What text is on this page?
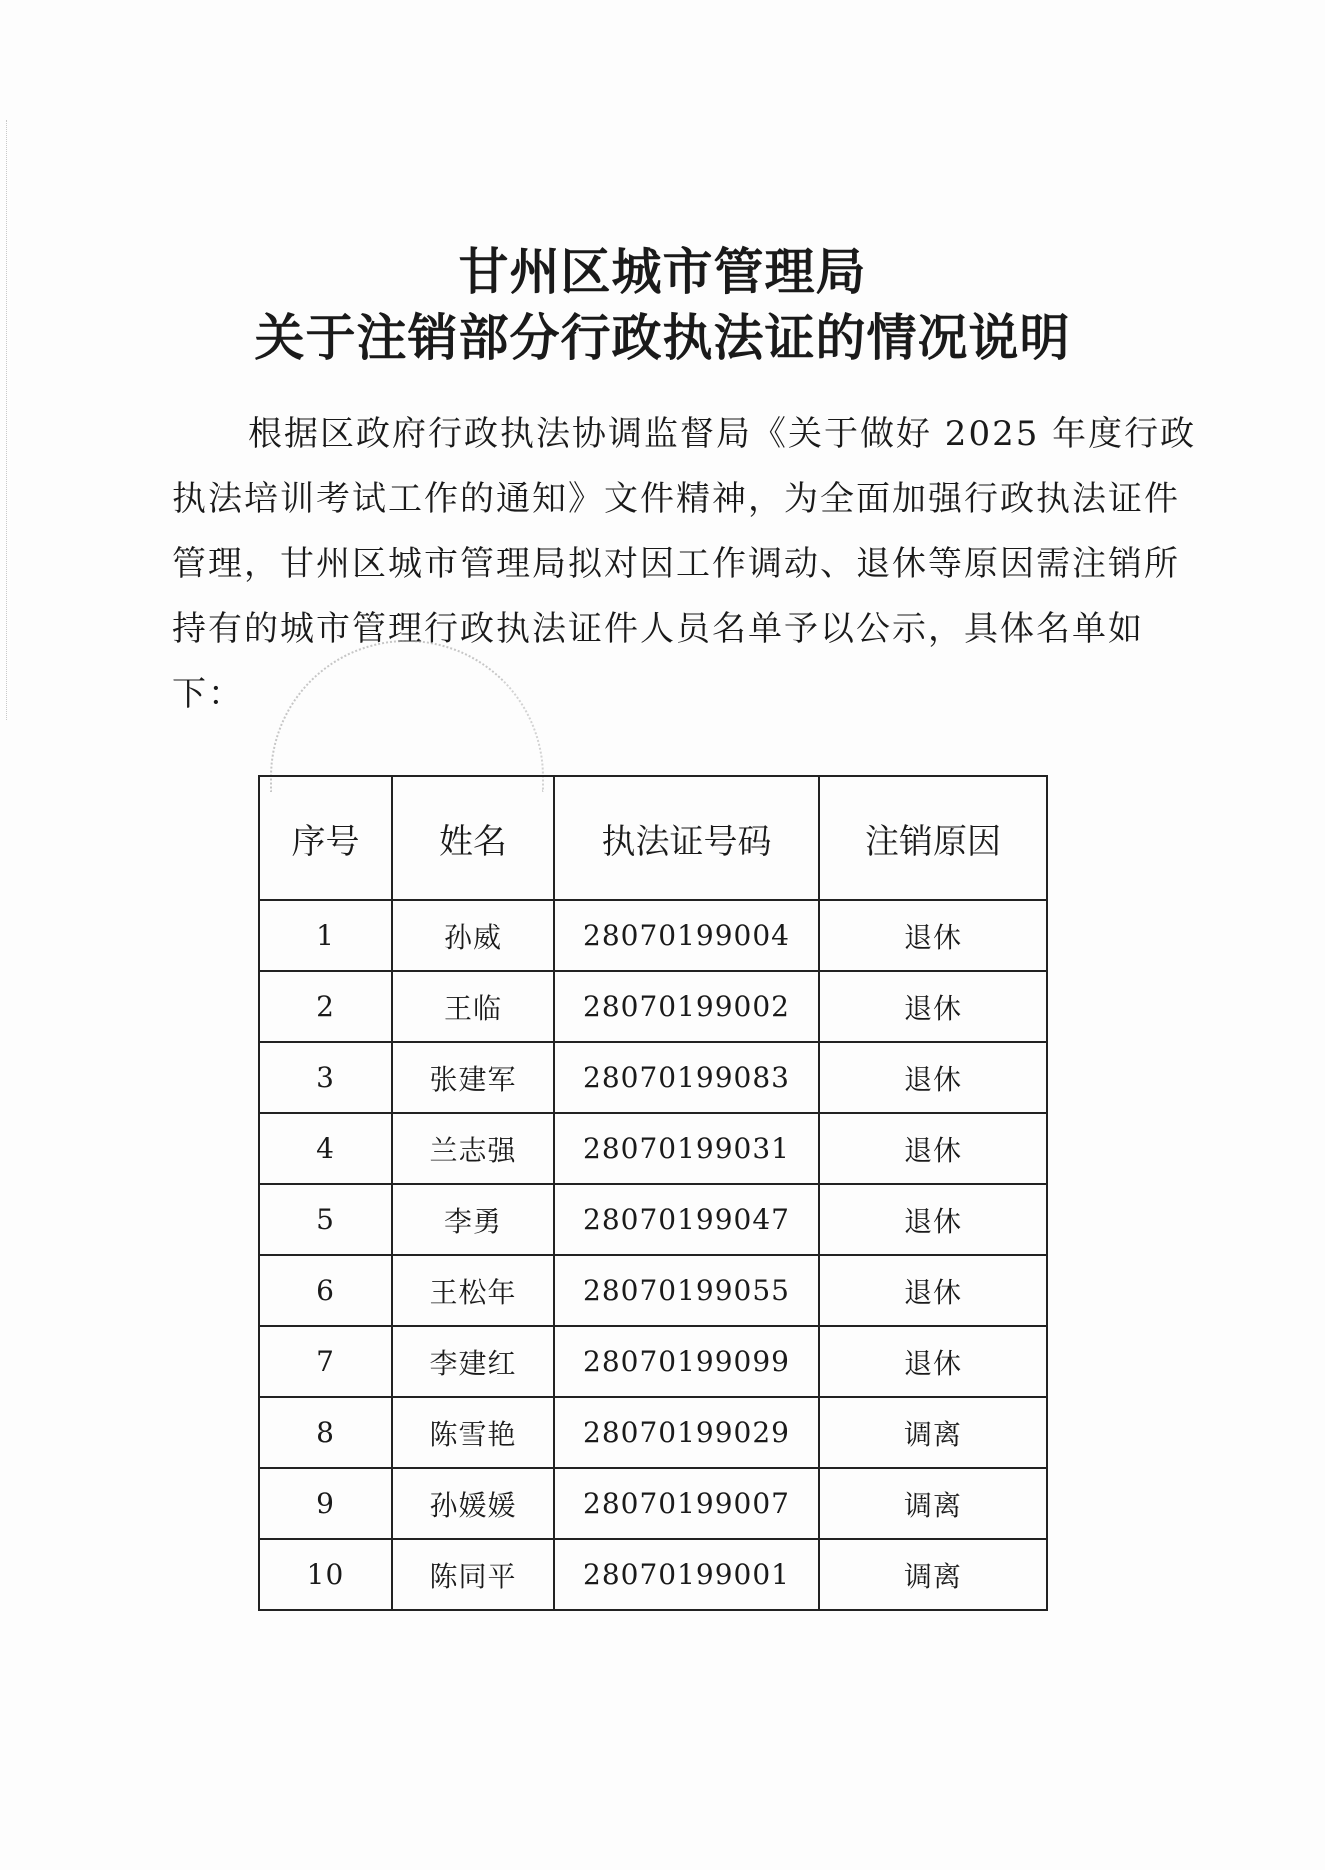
甘州区城市管理局
关于注销部分行政执法证的情况说明
根据区政府行政执法协调监督局《关于做好 2025 年度行政
执法培训考试工作的通知》文件精神，为全面加强行政执法证件
管理，甘州区城市管理局拟对因工作调动、退休等原因需注销所
持有的城市管理行政执法证件人员名单予以公示，具体名单如
下：
序号	姓名	执法证号码	注销原因
1	孙威	28070199004	退休
2	王临	28070199002	退休
3	张建军	28070199083	退休
4	兰志强	28070199031	退休
5	李勇	28070199047	退休
6	王松年	28070199055	退休
7	李建红	28070199099	退休
8	陈雪艳	28070199029	调离
9	孙媛媛	28070199007	调离
10	陈同平	28070199001	调离
